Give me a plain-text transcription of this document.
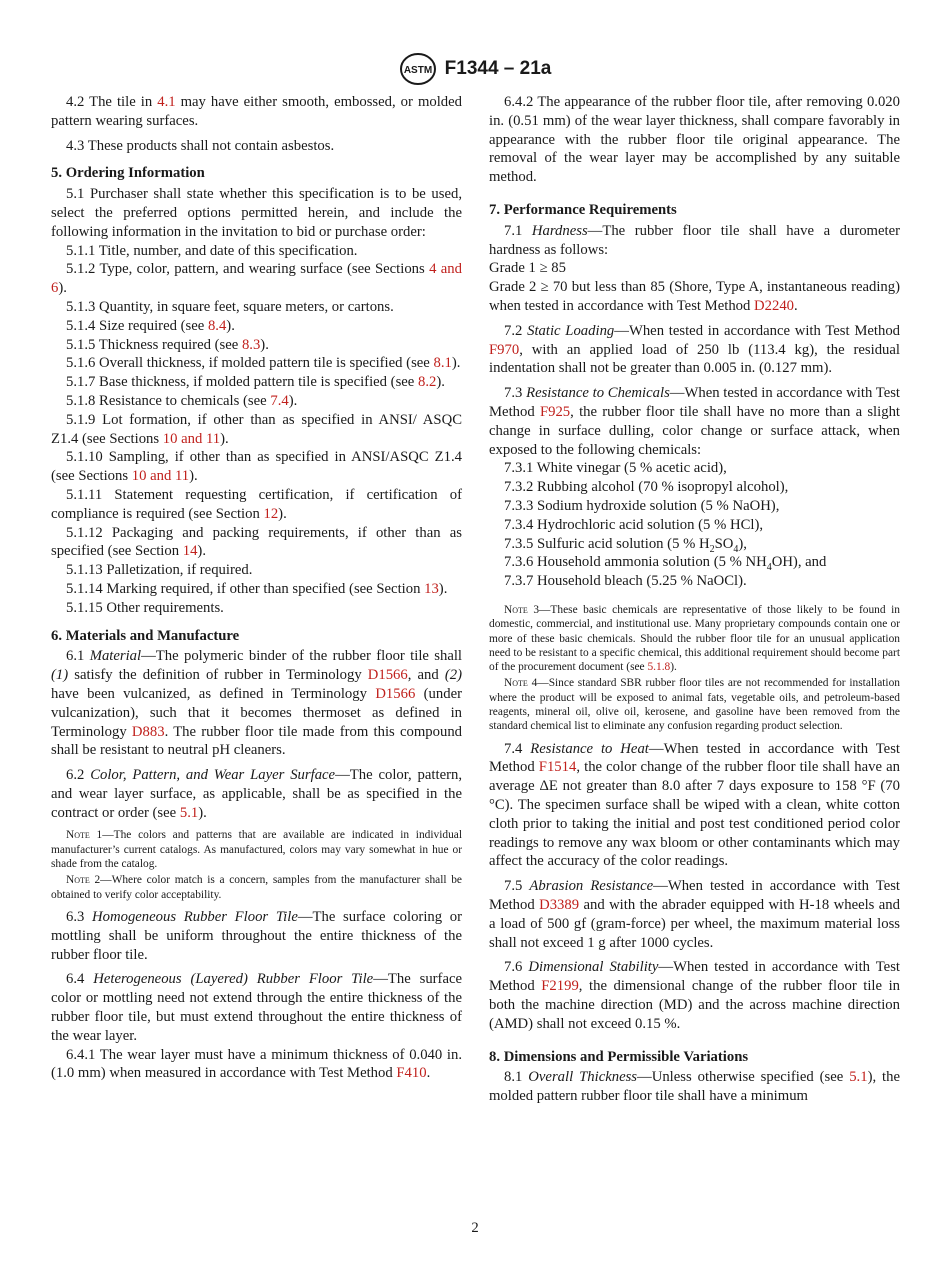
ASTM F1344 – 21a

4.2 The tile in 4.1 may have either smooth, embossed, or molded pattern wearing surfaces.

4.3 These products shall not contain asbestos.

5. Ordering Information

5.1 Purchaser shall state whether this specification is to be used, select the preferred options permitted herein, and include the following information in the invitation to bid or purchase order:

5.1.1 Title, number, and date of this specification.

5.1.2 Type, color, pattern, and wearing surface (see Sections 4 and 6).

5.1.3 Quantity, in square feet, square meters, or cartons.

5.1.4 Size required (see 8.4).

5.1.5 Thickness required (see 8.3).

5.1.6 Overall thickness, if molded pattern tile is specified (see 8.1).

5.1.7 Base thickness, if molded pattern tile is specified (see 8.2).

5.1.8 Resistance to chemicals (see 7.4).

5.1.9 Lot formation, if other than as specified in ANSI/ ASQC Z1.4 (see Sections 10 and 11).

5.1.10 Sampling, if other than as specified in ANSI/ASQC Z1.4 (see Sections 10 and 11).

5.1.11 Statement requesting certification, if certification of compliance is required (see Section 12).

5.1.12 Packaging and packing requirements, if other than as specified (see Section 14).

5.1.13 Palletization, if required.

5.1.14 Marking required, if other than specified (see Section 13).

5.1.15 Other requirements.

6. Materials and Manufacture

6.1 Material—The polymeric binder of the rubber floor tile shall (1) satisfy the definition of rubber in Terminology D1566, and (2) have been vulcanized, as defined in Terminology D1566 (under vulcanization), such that it becomes thermoset as defined in Terminology D883. The rubber floor tile made from this compound shall be resistant to neutral pH cleaners.

6.2 Color, Pattern, and Wear Layer Surface—The color, pattern, and wear layer surface, as applicable, shall be as specified in the contract or order (see 5.1).

Note 1—The colors and patterns that are available are indicated in individual manufacturer’s current catalogs. As manufactured, colors may vary somewhat in hue or shade from the catalog.

Note 2—Where color match is a concern, samples from the manufacturer shall be obtained to verify color acceptability.

6.3 Homogeneous Rubber Floor Tile—The surface coloring or mottling shall be uniform throughout the entire thickness of the rubber floor tile.

6.4 Heterogeneous (Layered) Rubber Floor Tile—The surface color or mottling need not extend through the entire thickness of the rubber floor tile, but must extend throughout the entire thickness of the wear layer.

6.4.1 The wear layer must have a minimum thickness of 0.040 in. (1.0 mm) when measured in accordance with Test Method F410.

6.4.2 The appearance of the rubber floor tile, after removing 0.020 in. (0.51 mm) of the wear layer thickness, shall compare favorably in appearance with the rubber floor tile original appearance. The removal of the wear layer may be accomplished by any suitable method.

7. Performance Requirements

7.1 Hardness—The rubber floor tile shall have a durometer hardness as follows:

Grade 1 ≥ 85

Grade 2 ≥ 70 but less than 85 (Shore, Type A, instantaneous reading) when tested in accordance with Test Method D2240.

7.2 Static Loading—When tested in accordance with Test Method F970, with an applied load of 250 lb (113.4 kg), the residual indentation shall not be greater than 0.005 in. (0.127 mm).

7.3 Resistance to Chemicals—When tested in accordance with Test Method F925, the rubber floor tile shall have no more than a slight change in surface dulling, color change or surface attack, when exposed to the following chemicals:

7.3.1 White vinegar (5 % acetic acid),

7.3.2 Rubbing alcohol (70 % isopropyl alcohol),

7.3.3 Sodium hydroxide solution (5 % NaOH),

7.3.4 Hydrochloric acid solution (5 % HCl),

7.3.5 Sulfuric acid solution (5 % $H_2SO_4$),

7.3.6 Household ammonia solution (5 % $NH_4OH$), and

7.3.7 Household bleach (5.25 % NaOCl).

Note 3—These basic chemicals are representative of those likely to be found in domestic, commercial, and institutional use. Many proprietary compounds contain one or more of these basic chemicals. Should the rubber floor tile for an unusual application need to be resistant to a specific chemical, this additional requirement should become part of the procurement document (see 5.1.8).

Note 4—Since standard SBR rubber floor tiles are not recommended for installation where the product will be exposed to animal fats, vegetable oils, and petroleum-based reagents, mineral oil, olive oil, kerosene, and gasoline have been removed from the standard chemical list to eliminate any confusion regarding product selection.

7.4 Resistance to Heat—When tested in accordance with Test Method F1514, the color change of the rubber floor tile shall have an average ΔE not greater than 8.0 after 7 days exposure to 158 °F (70 °C). The specimen surface shall be wiped with a clean, white cotton cloth prior to taking the initial and post test conditioned period color readings to remove any wax bloom or other contaminants which may affect the accuracy of the color readings.

7.5 Abrasion Resistance—When tested in accordance with Test Method D3389 and with the abrader equipped with H-18 wheels and a load of 500 gf (gram-force) per wheel, the maximum material loss shall not exceed 1 g after 1000 cycles.

7.6 Dimensional Stability—When tested in accordance with Test Method F2199, the dimensional change of the rubber floor tile in both the machine direction (MD) and the across machine direction (AMD) shall not exceed 0.15 %.

8. Dimensions and Permissible Variations

8.1 Overall Thickness—Unless otherwise specified (see 5.1), the molded pattern rubber floor tile shall have a minimum

2
